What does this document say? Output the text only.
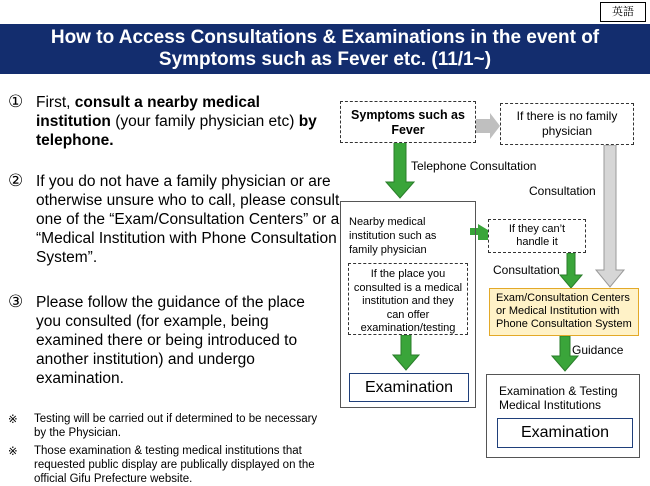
英語
How to Access Consultations & Examinations in the event of
Symptoms such as Fever etc. (11/1~)
① First, consult a nearby medical institution (your family physician etc) by telephone.
② If you do not have a family physician or are otherwise unsure who to call, please consult one of the “Exam/Consultation Centers” or a “Medical Institution with Phone Consultation System”.
③ Please follow the guidance of the place you consulted (for example, being examined there or being introduced to another institution) and undergo examination.
※ Testing will be carried out if determined to be necessary by the Physician.
※ Those examination & testing medical institutions that requested public display are publically displayed on the official Gifu Prefecture website.
Symptoms such as Fever
If there is no family physician
Telephone Consultation
Consultation
Nearby medical institution such as family physician
If the place you consulted is a medical institution and they can offer examination/testing
If they can’t handle it
Consultation
Exam/Consultation Centers or Medical Institution with Phone Consultation System
Guidance
Examination	Examination & Testing Medical Institutions
Examination
